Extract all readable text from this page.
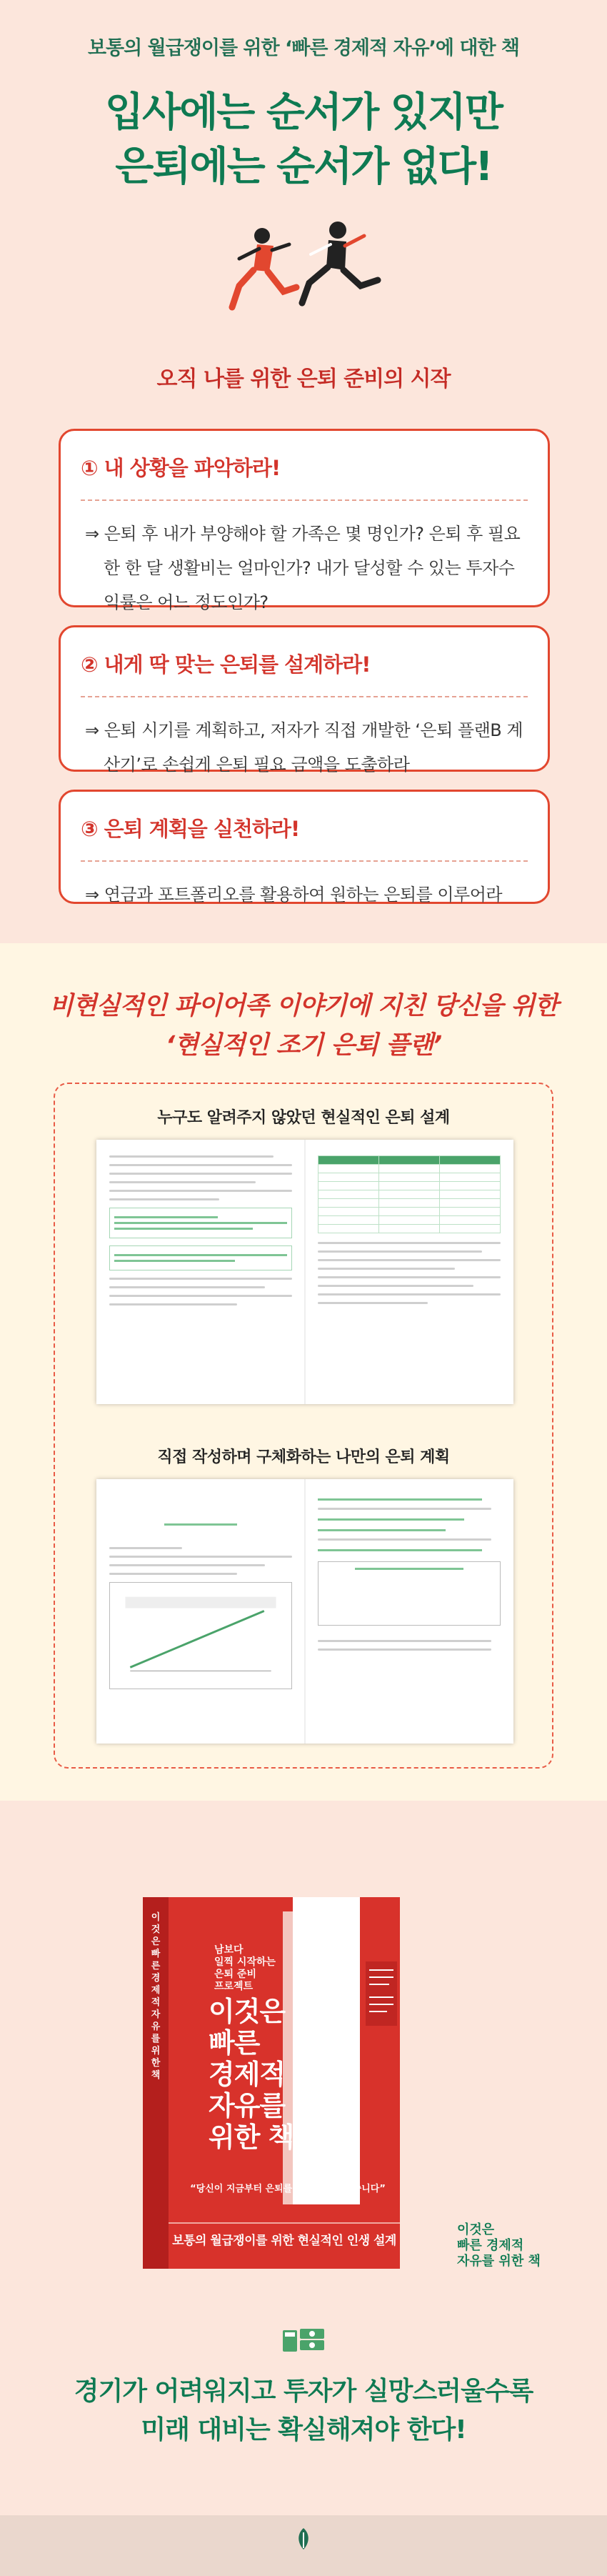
보통의 월급쟁이를 위한 ‘빠른 경제적 자유’에 대한 책
입사에는 순서가 있지만
은퇴에는 순서가 없다!
오직 나를 위한 은퇴 준비의 시작
① 내 상황을 파악하라!
⇒ 은퇴 후 내가 부양해야 할 가족은 몇 명인가? 은퇴 후 필요
한 한 달 생활비는 얼마인가? 내가 달성할 수 있는 투자수
익률은 어느 정도인가?
② 내게 딱 맞는 은퇴를 설계하라!
⇒ 은퇴 시기를 계획하고, 저자가 직접 개발한 ‘은퇴 플랜B 계
산기’로 손쉽게 은퇴 필요 금액을 도출하라
③ 은퇴 계획을 실천하라!
⇒ 연금과 포트폴리오를 활용하여 원하는 은퇴를 이루어라
비현실적인 파이어족 이야기에 지친 당신을 위한
‘현실적인 조기 은퇴 플랜’
누구도 알려주지 않았던 현실적인 은퇴 설계

직접 작성하며 구체화하는 나만의 은퇴 계획
이
것
은
빠
른
경
제
적
자
유
를
위
한
책
남보다
일찍 시작하는
은퇴 준비
프로젝트
이것은
빠른
경제적
자유를
위한 책
“당신이 지금부터 은퇴를 생각하면 좋겠습니다”
보통의 월급쟁이를 위한 현실적인 인생 설계
이것은
빠른 경제적
자유를 위한 책
경기가 어려워지고 투자가 실망스러울수록
미래 대비는 확실해져야 한다!
